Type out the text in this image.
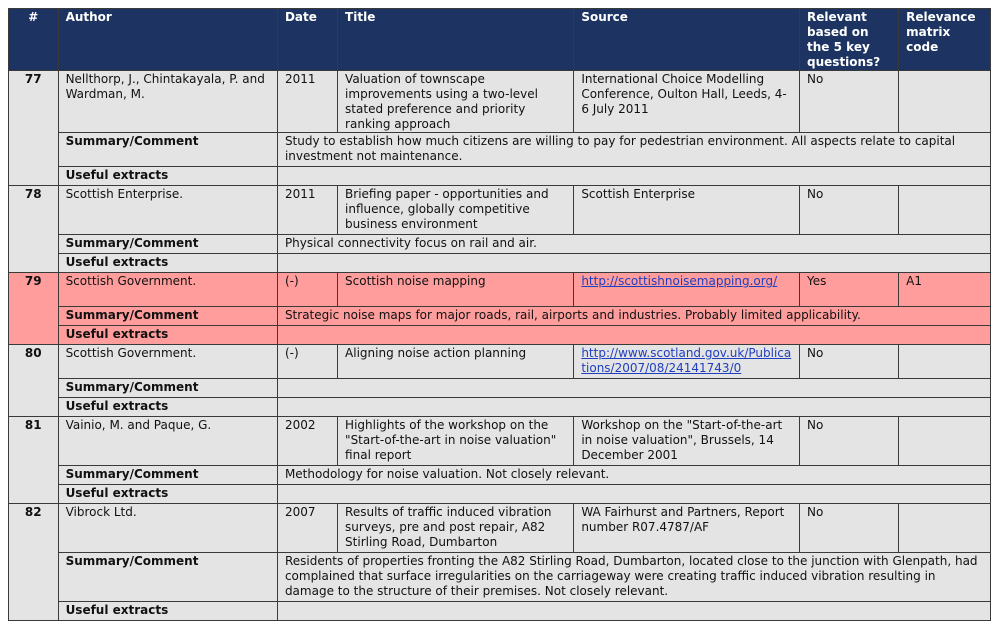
#	Author	Date	Title	Source	Relevant based on the 5 key questions?	Relevance matrix code
77	Nellthorp, J., Chintakayala, P. and Wardman, M.	2011	Valuation of townscape improvements using a two-level stated preference and priority ranking approach	International Choice Modelling Conference, Oulton Hall, Leeds, 4-6 July 2011	No	
	Summary/Comment	Study to establish how much citizens are willing to pay for pedestrian environment. All aspects relate to capital investment not maintenance.				
	Useful extracts					
78	Scottish Enterprise.	2011	Briefing paper - opportunities and influence, globally competitive business environment	Scottish Enterprise	No	
	Summary/Comment	Physical connectivity focus on rail and air.				
	Useful extracts					
79	Scottish Government.	(-)	Scottish noise mapping	http://scottishnoisemapping.org/	Yes	A1
	Summary/Comment	Strategic noise maps for major roads, rail, airports and industries. Probably limited applicability.				
	Useful extracts					
80	Scottish Government.	(-)	Aligning noise action planning	http://www.scotland.gov.uk/Publications/2007/08/24141743/0	No	
	Summary/Comment					
	Useful extracts					
81	Vainio, M. and Paque, G.	2002	Highlights of the workshop on the "Start-of-the-art in noise valuation" final report	Workshop on the "Start-of-the-art in noise valuation", Brussels, 14 December 2001	No	
	Summary/Comment	Methodology for noise valuation. Not closely relevant.				
	Useful extracts					
82	Vibrock Ltd.	2007	Results of traffic induced vibration surveys, pre and post repair, A82 Stirling Road, Dumbarton	WA Fairhurst and Partners, Report number R07.4787/AF	No	
	Summary/Comment	Residents of properties fronting the A82 Stirling Road, Dumbarton, located close to the junction with Glenpath, had complained that surface irregularities on the carriageway were creating traffic induced vibration resulting in damage to the structure of their premises. Not closely relevant.				
	Useful extracts					
